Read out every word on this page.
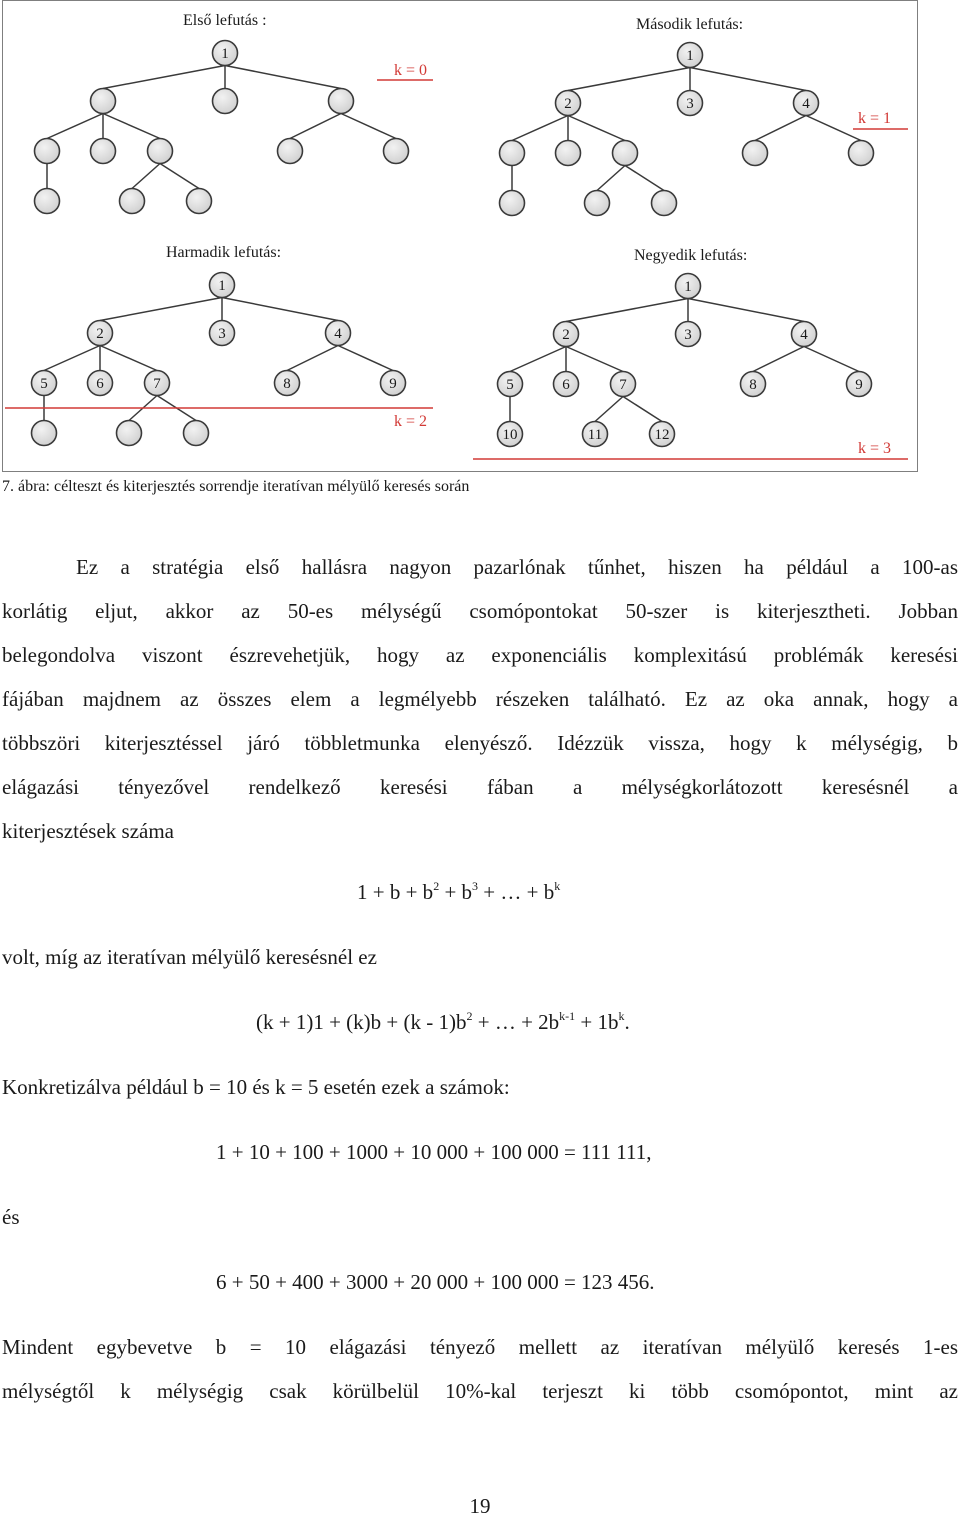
1	1
2	3	4
1
2	3	4
5	6	7	8	9
1
2	3	4
5	6	7	8	9
10	11	12
Első lefutás :	Második lefutás:
Harmadik lefutás:	Negyedik lefutás:
k = 0
k = 1
k = 2
k = 3
7. ábra: célteszt és kiterjesztés sorrendje iteratívan mélyülő keresés során
Ez a stratégia első hallásra nagyon pazarlónak tűnhet, hiszen ha például a 100-as
korlátig eljut, akkor az 50-es mélységű csomópontokat 50-szer is kiterjesztheti. Jobban
belegondolva viszont észrevehetjük, hogy az exponenciális komplexitású problémák keresési
fájában majdnem az összes elem a legmélyebb részeken található. Ez az oka annak, hogy a
többszöri kiterjesztéssel járó többletmunka elenyésző. Idézzük vissza, hogy k mélységig, b
elágazási tényezővel rendelkező keresési fában a mélységkorlátozott keresésnél a
kiterjesztések száma
$1 + b + b^2 + b^3$ + … + $b^k$
volt, míg az iteratívan mélyülő keresésnél ez
$(k + 1)1 + (k)b + (k - 1)b^2$ + … + $2b^{k-1} + 1b^k$.
Konkretizálva például b = 10 és k = 5 esetén ezek a számok:
1 + 10 + 100 + 1000 + 10 000 + 100 000 = 111 111,
és
6 + 50 + 400 + 3000 + 20 000 + 100 000 = 123 456.
Mindent egybevetve b = 10 elágazási tényező mellett az iteratívan mélyülő keresés 1-es
mélységtől k mélységig csak körülbelül 10%-kal terjeszt ki több csomópontot, mint az
19
